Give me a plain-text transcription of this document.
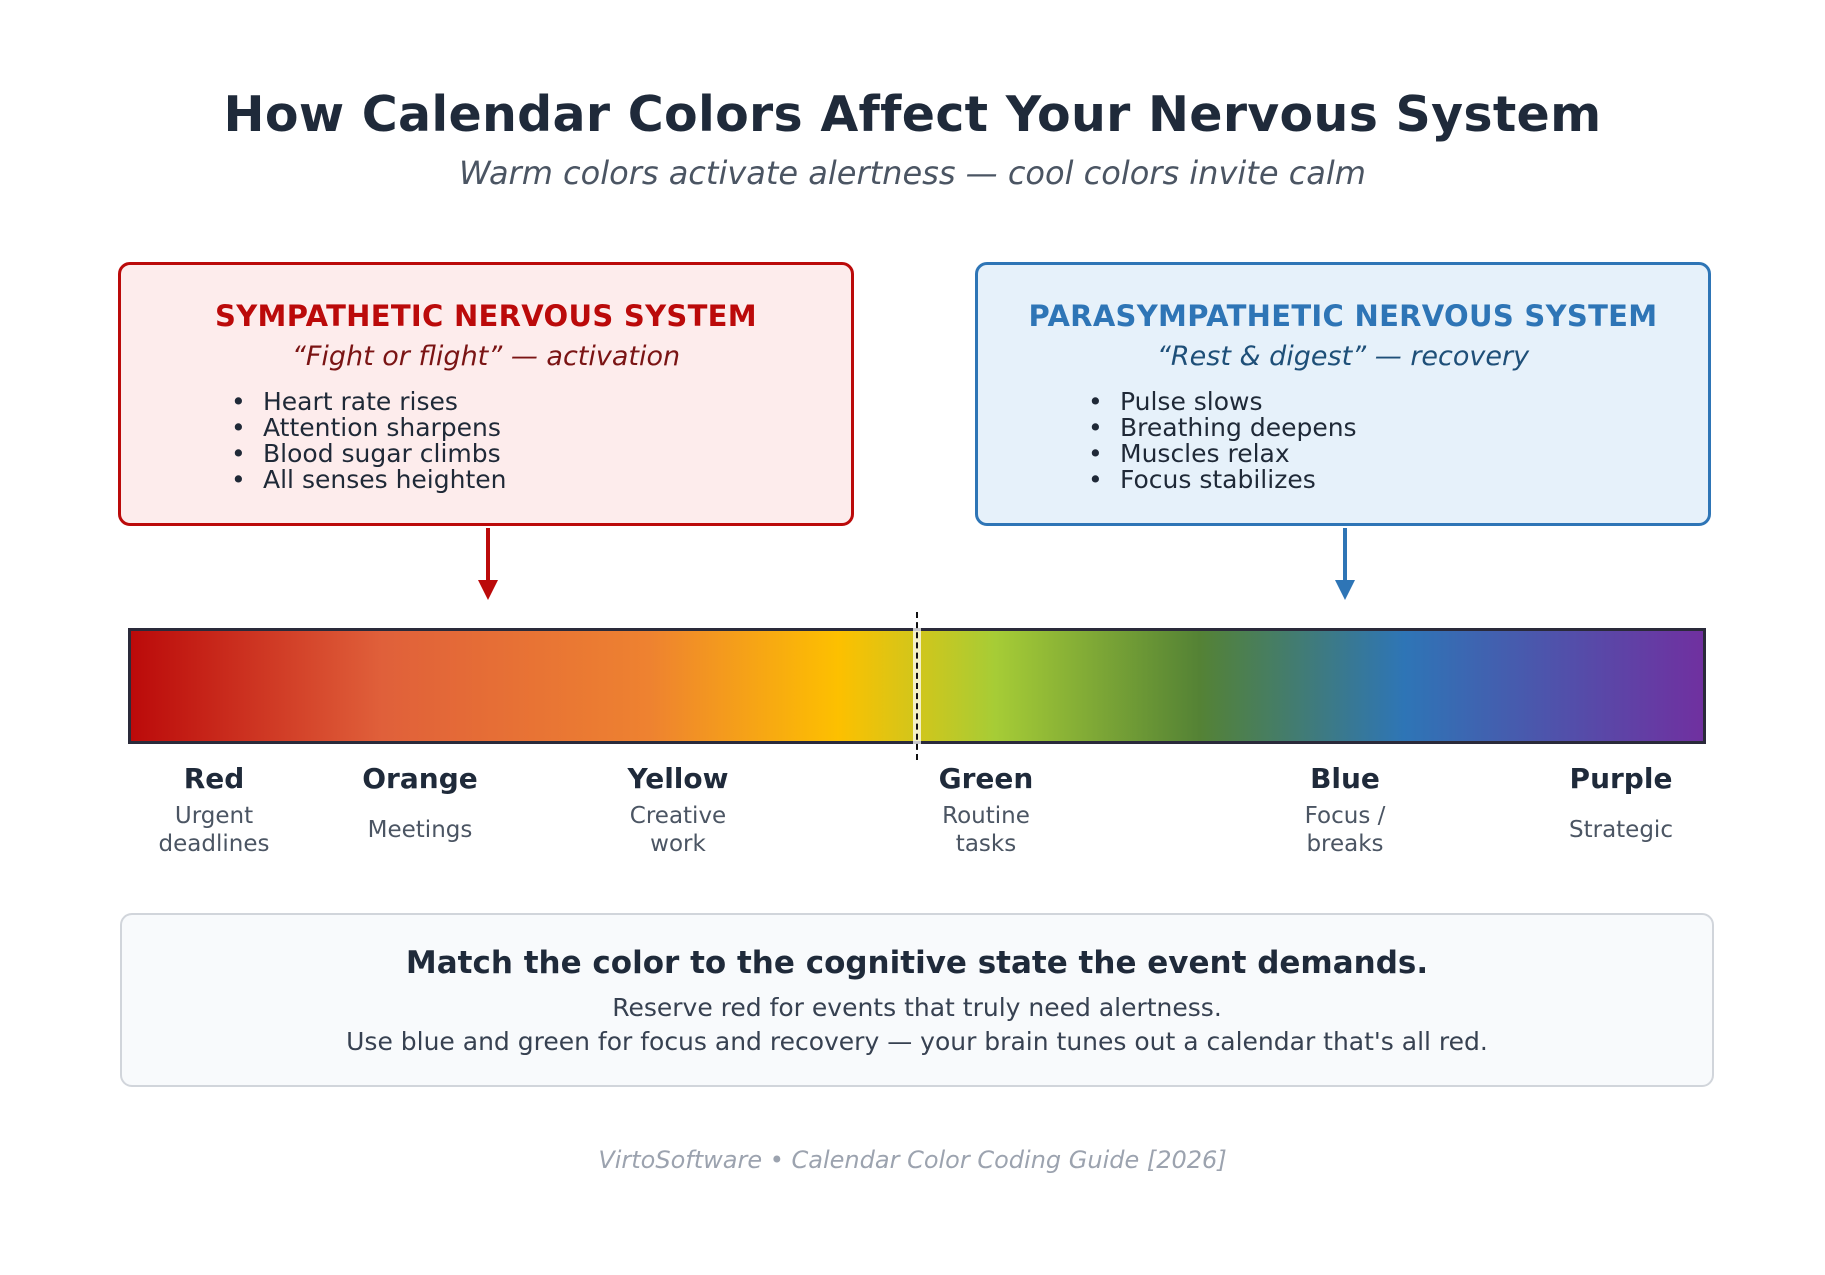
How Calendar Colors Affect Your Nervous System
Warm colors activate alertness — cool colors invite calm
SYMPATHETIC NERVOUS SYSTEM
“Fight or flight” — activation
• Heart rate rises
• Attention sharpens
• Blood sugar climbs
• All senses heighten
PARASYMPATHETIC NERVOUS SYSTEM
“Rest & digest” — recovery
• Pulse slows
• Breathing deepens
• Muscles relax
• Focus stabilizes
Red
Urgent deadlines
Orange
Meetings
Yellow
Creative work
Green
Routine tasks
Blue
Focus / breaks
Purple
Strategic
Match the color to the cognitive state the event demands.
Reserve red for events that truly need alertness.
Use blue and green for focus and recovery — your brain tunes out a calendar that's all red.
VirtoSoftware • Calendar Color Coding Guide [2026]
